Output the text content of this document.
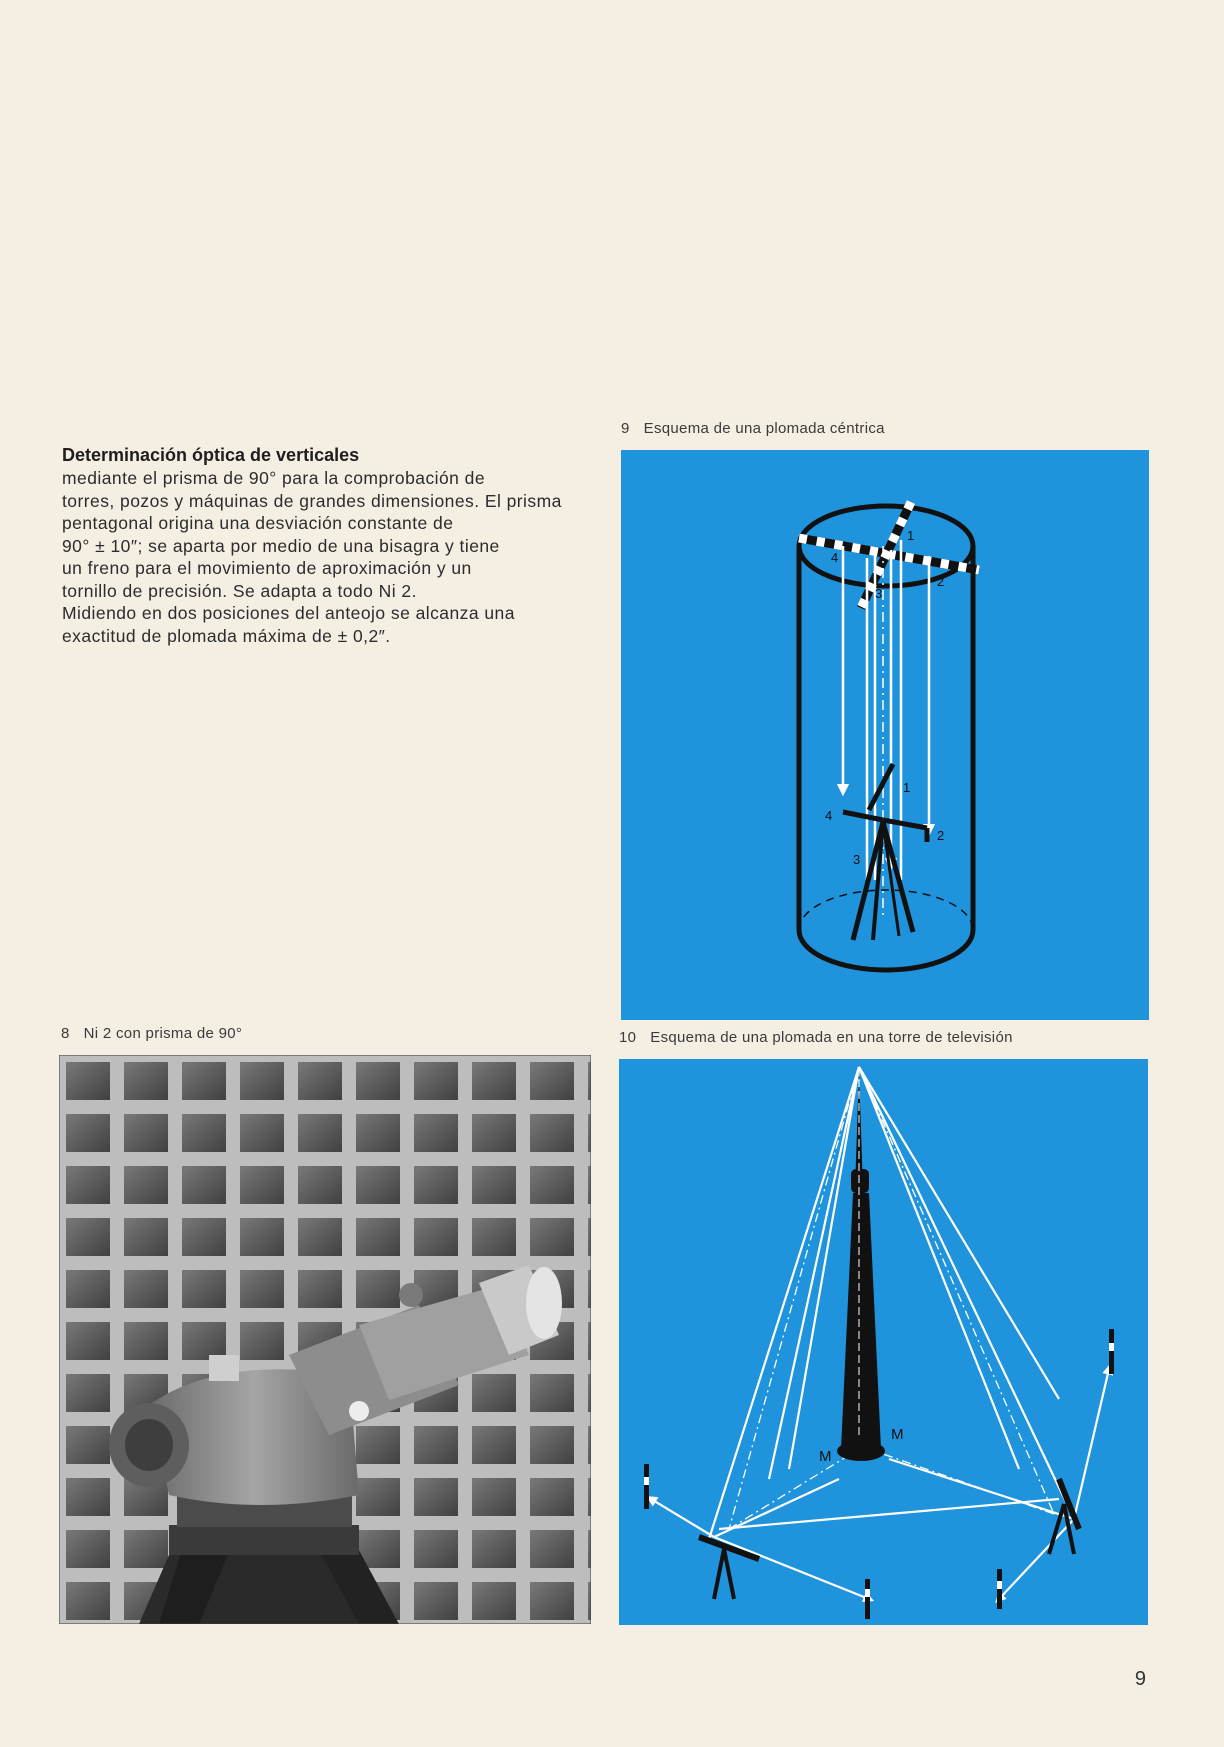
Determinación óptica de verticales
mediante el prisma de 90° para la comprobación de
torres, pozos y máquinas de grandes dimensiones. El prisma
pentagonal origina una desviación constante de
90° ± 10″; se aparta por medio de una bisagra y tiene
un freno para el movimiento de aproximación y un
tornillo de precisión. Se adapta a todo Ni 2.
Midiendo en dos posiciones del anteojo se alcanza una
exactitud de plomada máxima de ± 0,2″.
9 Esquema de una plomada céntrica
1
2
3
4
1
2
3
4
8 Ni 2 con prisma de 90°	10 Esquema de una plomada en una torre de televisión
M
M
9
